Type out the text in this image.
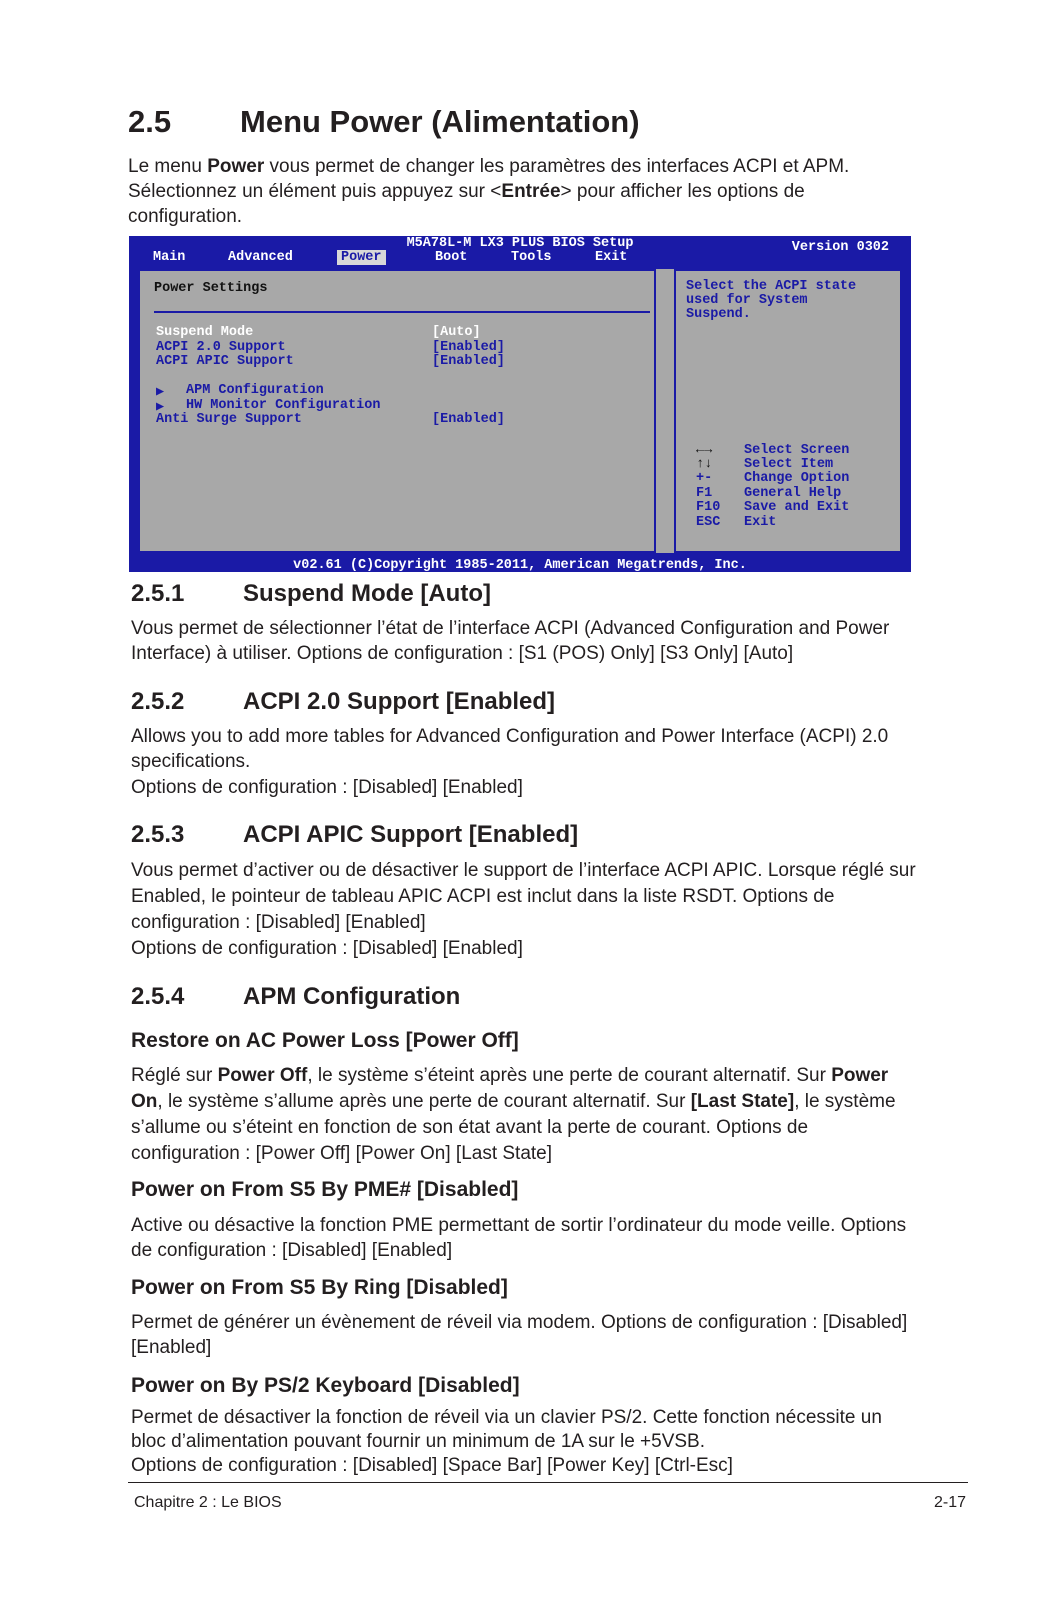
2.5 Menu Power (Alimentation)
Le menu Power vous permet de changer les paramètres des interfaces ACPI et APM. Sélectionnez un élément puis appuyez sur <Entrée> pour afficher les options de configuration.
M5A78L-M LX3 PLUS BIOS Setup	Version 0302
Main	Advanced	Power	Boot	Tools	Exit
Power Settings
Suspend Mode	[Auto]
ACPI 2.0 Support	[Enabled]
ACPI APIC Support	[Enabled]
▶ APM Configuration
▶ HW Monitor Configuration
Anti Surge Support	[Enabled]
Select the ACPI state
used for System
Suspend.
←→ Select Screen
↑↓ Select Item
+- Change Option
F1 General Help
F10 Save and Exit
ESC Exit
v02.61 (C)Copyright 1985-2011, American Megatrends, Inc.
2.5.1 Suspend Mode [Auto]
Vous permet de sélectionner l’état de l’interface ACPI (Advanced Configuration and Power Interface) à utiliser. Options de configuration : [S1 (POS) Only] [S3 Only] [Auto]
2.5.2 ACPI 2.0 Support [Enabled]
Allows you to add more tables for Advanced Configuration and Power Interface (ACPI) 2.0 specifications.
Options de configuration : [Disabled] [Enabled]
2.5.3 ACPI APIC Support [Enabled]
Vous permet d’activer ou de désactiver le support de l’interface ACPI APIC. Lorsque réglé sur Enabled, le pointeur de tableau APIC ACPI est inclut dans la liste RSDT. Options de configuration : [Disabled] [Enabled]
Options de configuration : [Disabled] [Enabled]
2.5.4 APM Configuration
Restore on AC Power Loss [Power Off]
Réglé sur Power Off, le système s’éteint après une perte de courant alternatif. Sur Power On, le système s’allume après une perte de courant alternatif. Sur [Last State], le système s’allume ou s’éteint en fonction de son état avant la perte de courant. Options de configuration : [Power Off] [Power On] [Last State]
Power on From S5 By PME# [Disabled]
Active ou désactive la fonction PME permettant de sortir l’ordinateur du mode veille. Options de configuration : [Disabled] [Enabled]
Power on From S5 By Ring [Disabled]
Permet de générer un évènement de réveil via modem. Options de configuration : [Disabled] [Enabled]
Power on By PS/2 Keyboard [Disabled]
Permet de désactiver la fonction de réveil via un clavier PS/2. Cette fonction nécessite un bloc d’alimentation pouvant fournir un minimum de 1A sur le +5VSB.
Options de configuration : [Disabled] [Space Bar] [Power Key] [Ctrl-Esc]
Chapitre 2 : Le BIOS	2-17
